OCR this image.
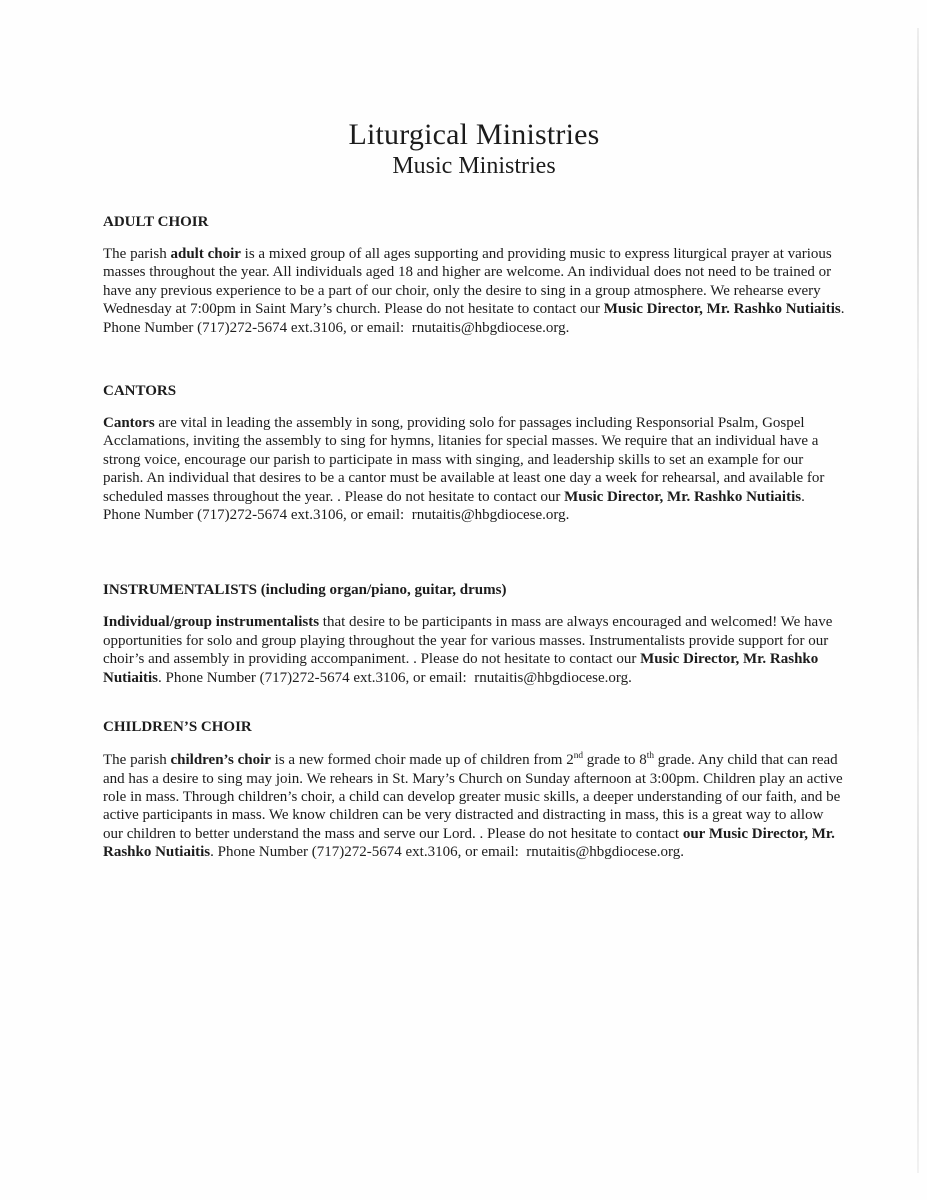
Liturgical Ministries
Music Ministries
ADULT CHOIR

The parish adult choir is a mixed group of all ages supporting and providing music to express liturgical prayer at various masses throughout the year. All individuals aged 18 and higher are welcome. An individual does not need to be trained or have any previous experience to be a part of our choir, only the desire to sing in a group atmosphere. We rehearse every Wednesday at 7:00pm in Saint Mary’s church. Please do not hesitate to contact our Music Director, Mr. Rashko Nutiaitis. Phone Number (717)272-5674 ext.3106, or email:  rnutaitis@hbgdiocese.org.

CANTORS

Cantors are vital in leading the assembly in song, providing solo for passages including Responsorial Psalm, Gospel Acclamations, inviting the assembly to sing for hymns, litanies for special masses. We require that an individual have a strong voice, encourage our parish to participate in mass with singing, and leadership skills to set an example for our parish. An individual that desires to be a cantor must be available at least one day a week for rehearsal, and available for scheduled masses throughout the year. . Please do not hesitate to contact our Music Director, Mr. Rashko Nutiaitis. Phone Number (717)272-5674 ext.3106, or email:  rnutaitis@hbgdiocese.org.

INSTRUMENTALISTS (including organ/piano, guitar, drums)

Individual/group instrumentalists that desire to be participants in mass are always encouraged and welcomed! We have opportunities for solo and group playing throughout the year for various masses. Instrumentalists provide support for our choir’s and assembly in providing accompaniment. . Please do not hesitate to contact our Music Director, Mr. Rashko Nutiaitis. Phone Number (717)272-5674 ext.3106, or email:  rnutaitis@hbgdiocese.org.

CHILDREN’S CHOIR

The parish children’s choir is a new formed choir made up of children from 2nd grade to 8th grade. Any child that can read and has a desire to sing may join. We rehears in St. Mary’s Church on Sunday afternoon at 3:00pm. Children play an active role in mass. Through children’s choir, a child can develop greater music skills, a deeper understanding of our faith, and be active participants in mass. We know children can be very distracted and distracting in mass, this is a great way to allow our children to better understand the mass and serve our Lord. . Please do not hesitate to contact our Music Director, Mr. Rashko Nutiaitis. Phone Number (717)272-5674 ext.3106, or email:  rnutaitis@hbgdiocese.org.
